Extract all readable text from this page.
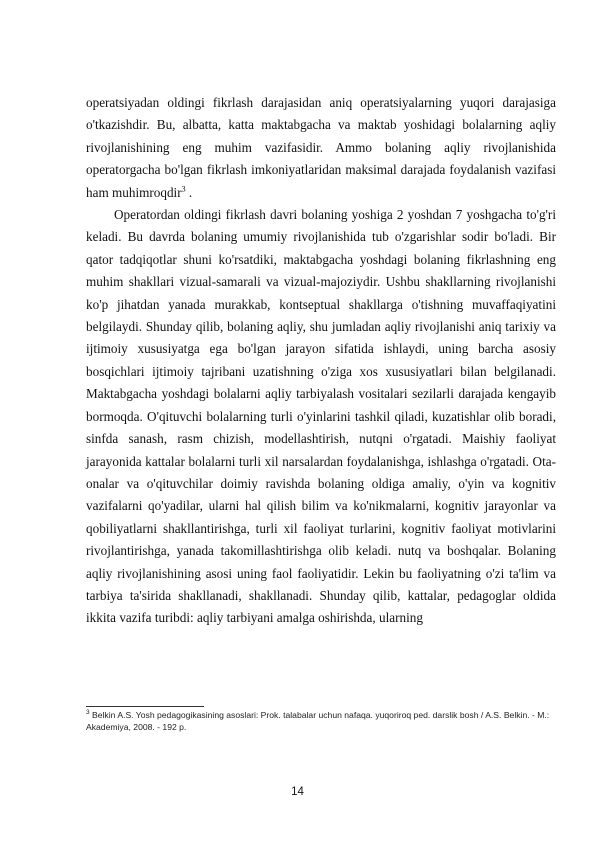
operatsiyadan oldingi fikrlash darajasidan aniq operatsiyalarning yuqori darajasiga o'tkazishdir. Bu, albatta, katta maktabgacha va maktab yoshidagi bolalarning aqliy rivojlanishining eng muhim vazifasidir. Ammo bolaning aqliy rivojlanishida operatorgacha bo'lgan fikrlash imkoniyatlaridan maksimal darajada foydalanish vazifasi ham muhimroqdir$^3$ .

Operatordan oldingi fikrlash davri bolaning yoshiga 2 yoshdan 7 yoshgacha to'g'ri keladi. Bu davrda bolaning umumiy rivojlanishida tub o'zgarishlar sodir bo'ladi. Bir qator tadqiqotlar shuni ko'rsatdiki, maktabgacha yoshdagi bolaning fikrlashning eng muhim shakllari vizual-samarali va vizual-majoziydir. Ushbu shakllarning rivojlanishi ko'p jihatdan yanada murakkab, kontseptual shakllarga o'tishning muvaffaqiyatini belgilaydi. Shunday qilib, bolaning aqliy, shu jumladan aqliy rivojlanishi aniq tarixiy va ijtimoiy xususiyatga ega bo'lgan jarayon sifatida ishlaydi, uning barcha asosiy bosqichlari ijtimoiy tajribani uzatishning o'ziga xos xususiyatlari bilan belgilanadi. Maktabgacha yoshdagi bolalarni aqliy tarbiyalash vositalari sezilarli darajada kengayib bormoqda. O'qituvchi bolalarning turli o'yinlarini tashkil qiladi, kuzatishlar olib boradi, sinfda sanash, rasm chizish, modellashtirish, nutqni o'rgatadi. Maishiy faoliyat jarayonida kattalar bolalarni turli xil narsalardan foydalanishga, ishlashga o'rgatadi. Ota-onalar va o'qituvchilar doimiy ravishda bolaning oldiga amaliy, o'yin va kognitiv vazifalarni qo'yadilar, ularni hal qilish bilim va ko'nikmalarni, kognitiv jarayonlar va qobiliyatlarni shakllantirishga, turli xil faoliyat turlarini, kognitiv faoliyat motivlarini rivojlantirishga, yanada takomillashtirishga olib keladi. nutq va boshqalar. Bolaning aqliy rivojlanishining asosi uning faol faoliyatidir. Lekin bu faoliyatning o'zi ta'lim va tarbiya ta'sirida shakllanadi, shakllanadi. Shunday qilib, kattalar, pedagoglar oldida ikkita vazifa turibdi: aqliy tarbiyani amalga oshirishda, ularning

$^3$ Belkin A.S. Yosh pedagogikasining asoslari: Prok. talabalar uchun nafaqa. yuqoriroq ped. darslik bosh / A.S. Belkin. - M.: Akademiya, 2008. - 192 p.

14
